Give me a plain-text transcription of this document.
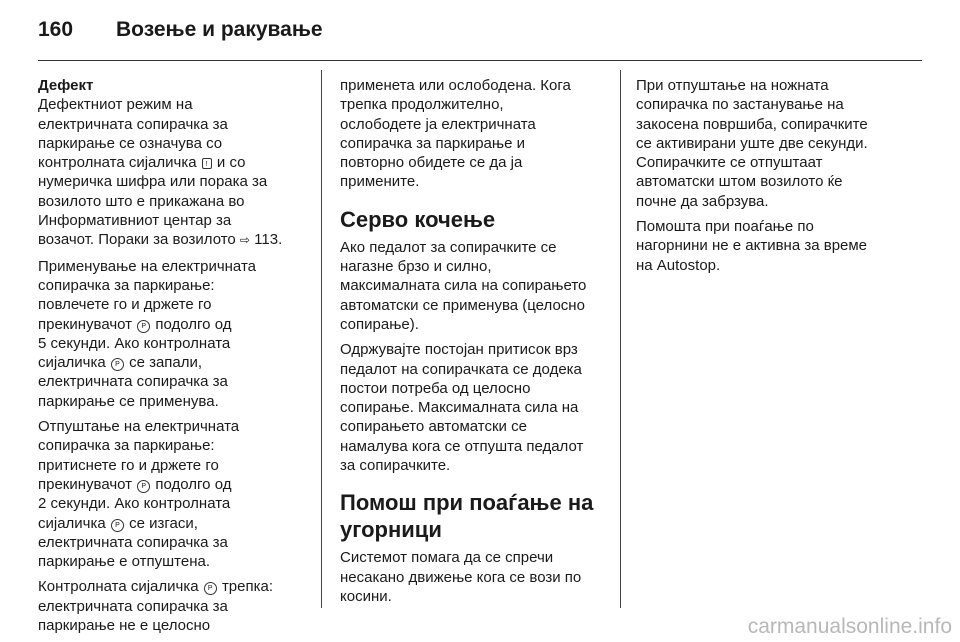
160	Возење и ракување
Дефект

Дефектниот режим на
електричната сопирачка за
паркирање се означува со
контролната сијаличка ! и со
нумеричка шифра или порака за
возилото што е прикажана во
Информативниот центар за
возачот. Пораки за возилото ⇨ 113.

Применување на електричната
сопирачка за паркирање:
повлечете го и држете го
прекинувачот P подолго од
5 секунди. Ако контролната
сијаличка P се запали,
електричната сопирачка за
паркирање се применува.

Отпуштање на електричната
сопирачка за паркирање:
притиснете го и држете го
прекинувачот P подолго од
2 секунди. Ако контролната
сијаличка P се изгаси,
електричната сопирачка за
паркирање е отпуштена.

Контролната сијаличка P трепка:
електричната сопирачка за
паркирање не е целосно

применета или ослободена. Кога
трепка продолжително,
ослободете ја електричната
сопирачка за паркирање и
повторно обидете се да ја
примените.

Серво кочење

Ако педалот за сопирачките се
нагазне брзо и силно,
максималната сила на сопирањето
автоматски се применува (целосно
сопирање).

Одржувајте постојан притисок врз
педалот на сопирачката се додека
постои потреба од целосно
сопирање. Максималната сила на
сопирањето автоматски се
намалува кога се отпушта педалот
за сопирачките.

Помош при поаѓање на
угорници

Системот помага да се спречи
несакано движење кога се вози по
косини.

При отпуштање на ножната
сопирачка по застанување на
закосена површиба, сопирачките
се активирани уште две секунди.
Сопирачките се отпуштаат
автоматски штом возилото ќе
почне да забрзува.

Помошта при поаѓање по
нагорнини не е активна за време
на Autostop.

carmanualsonline.info
